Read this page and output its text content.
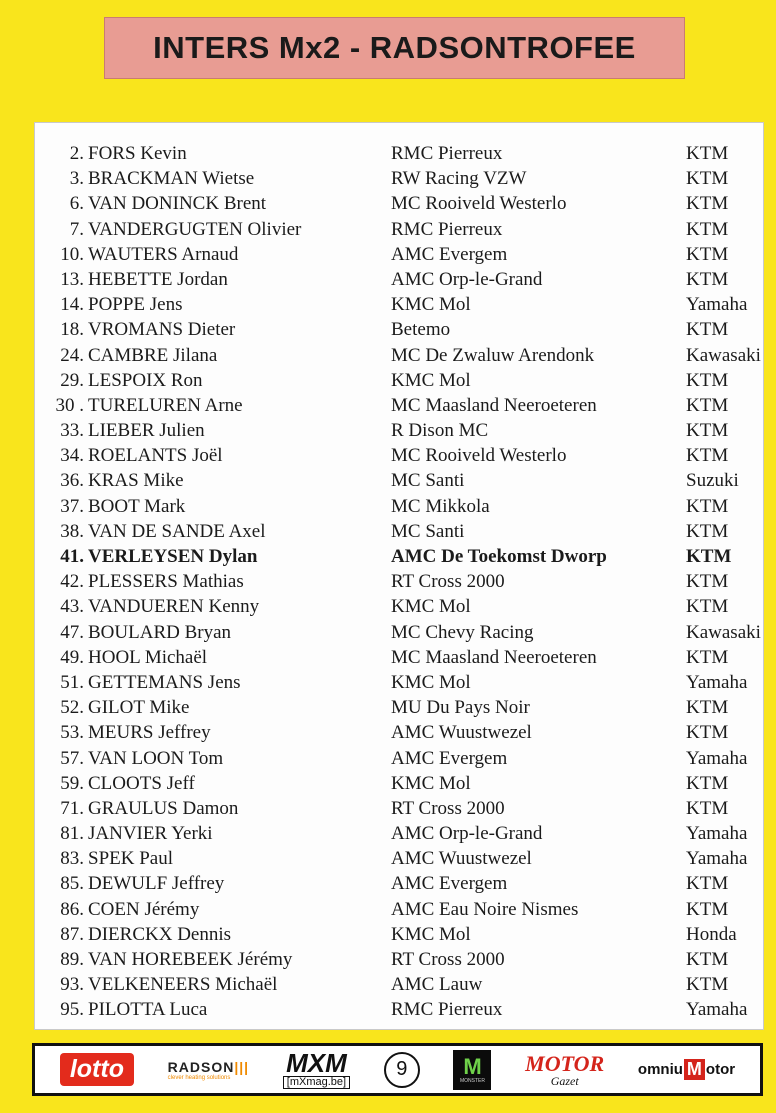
INTERS Mx2 - RADSONTROFEE
2. FORS Kevin	RMC Pierreux	KTM
3. BRACKMAN Wietse	RW Racing VZW	KTM
6. VAN DONINCK Brent	MC Rooiveld Westerlo	KTM
7. VANDERGUGTEN Olivier	RMC Pierreux	KTM
10. WAUTERS Arnaud	AMC Evergem	KTM
13. HEBETTE Jordan	AMC Orp-le-Grand	KTM
14. POPPE Jens	KMC Mol	Yamaha
18. VROMANS Dieter	Betemo	KTM
24. CAMBRE Jilana	MC De Zwaluw Arendonk	Kawasaki
29. LESPOIX Ron	KMC Mol	KTM
30 . TURELUREN Arne	MC Maasland Neeroeteren	KTM
33. LIEBER Julien	R Dison MC	KTM
34. ROELANTS Joël	MC Rooiveld Westerlo	KTM
36. KRAS Mike	MC Santi	Suzuki
37. BOOT Mark	MC Mikkola	KTM
38. VAN DE SANDE Axel	MC Santi	KTM
41. VERLEYSEN Dylan	AMC De Toekomst Dworp	KTM
42. PLESSERS Mathias	RT Cross 2000	KTM
43. VANDUEREN Kenny	KMC Mol	KTM
47. BOULARD Bryan	MC Chevy Racing	Kawasaki
49. HOOL Michaël	MC Maasland Neeroeteren	KTM
51. GETTEMANS Jens	KMC Mol	Yamaha
52. GILOT Mike	MU Du Pays Noir	KTM
53. MEURS Jeffrey	AMC Wuustwezel	KTM
57. VAN LOON Tom	AMC Evergem	Yamaha
59. CLOOTS Jeff	KMC Mol	KTM
71. GRAULUS Damon	RT Cross 2000	KTM
81. JANVIER Yerki	AMC Orp-le-Grand	Yamaha
83. SPEK Paul	AMC Wuustwezel	Yamaha
85. DEWULF Jeffrey	AMC Evergem	KTM
86. COEN Jérémy	AMC Eau Noire Nismes	KTM
87. DIERCKX Dennis	KMC Mol	Honda
89. VAN HOREBEEK Jérémy	RT Cross 2000	KTM
93. VELKENEERS Michaël	AMC Lauw	KTM
95. PILOTTA Luca	RMC Pierreux	Yamaha
lotto	RADSON|||
clever heating solutions MXM
[mXmag.be]
9	M
MONSTER
MOTOR
Gazet
omniu M otor
